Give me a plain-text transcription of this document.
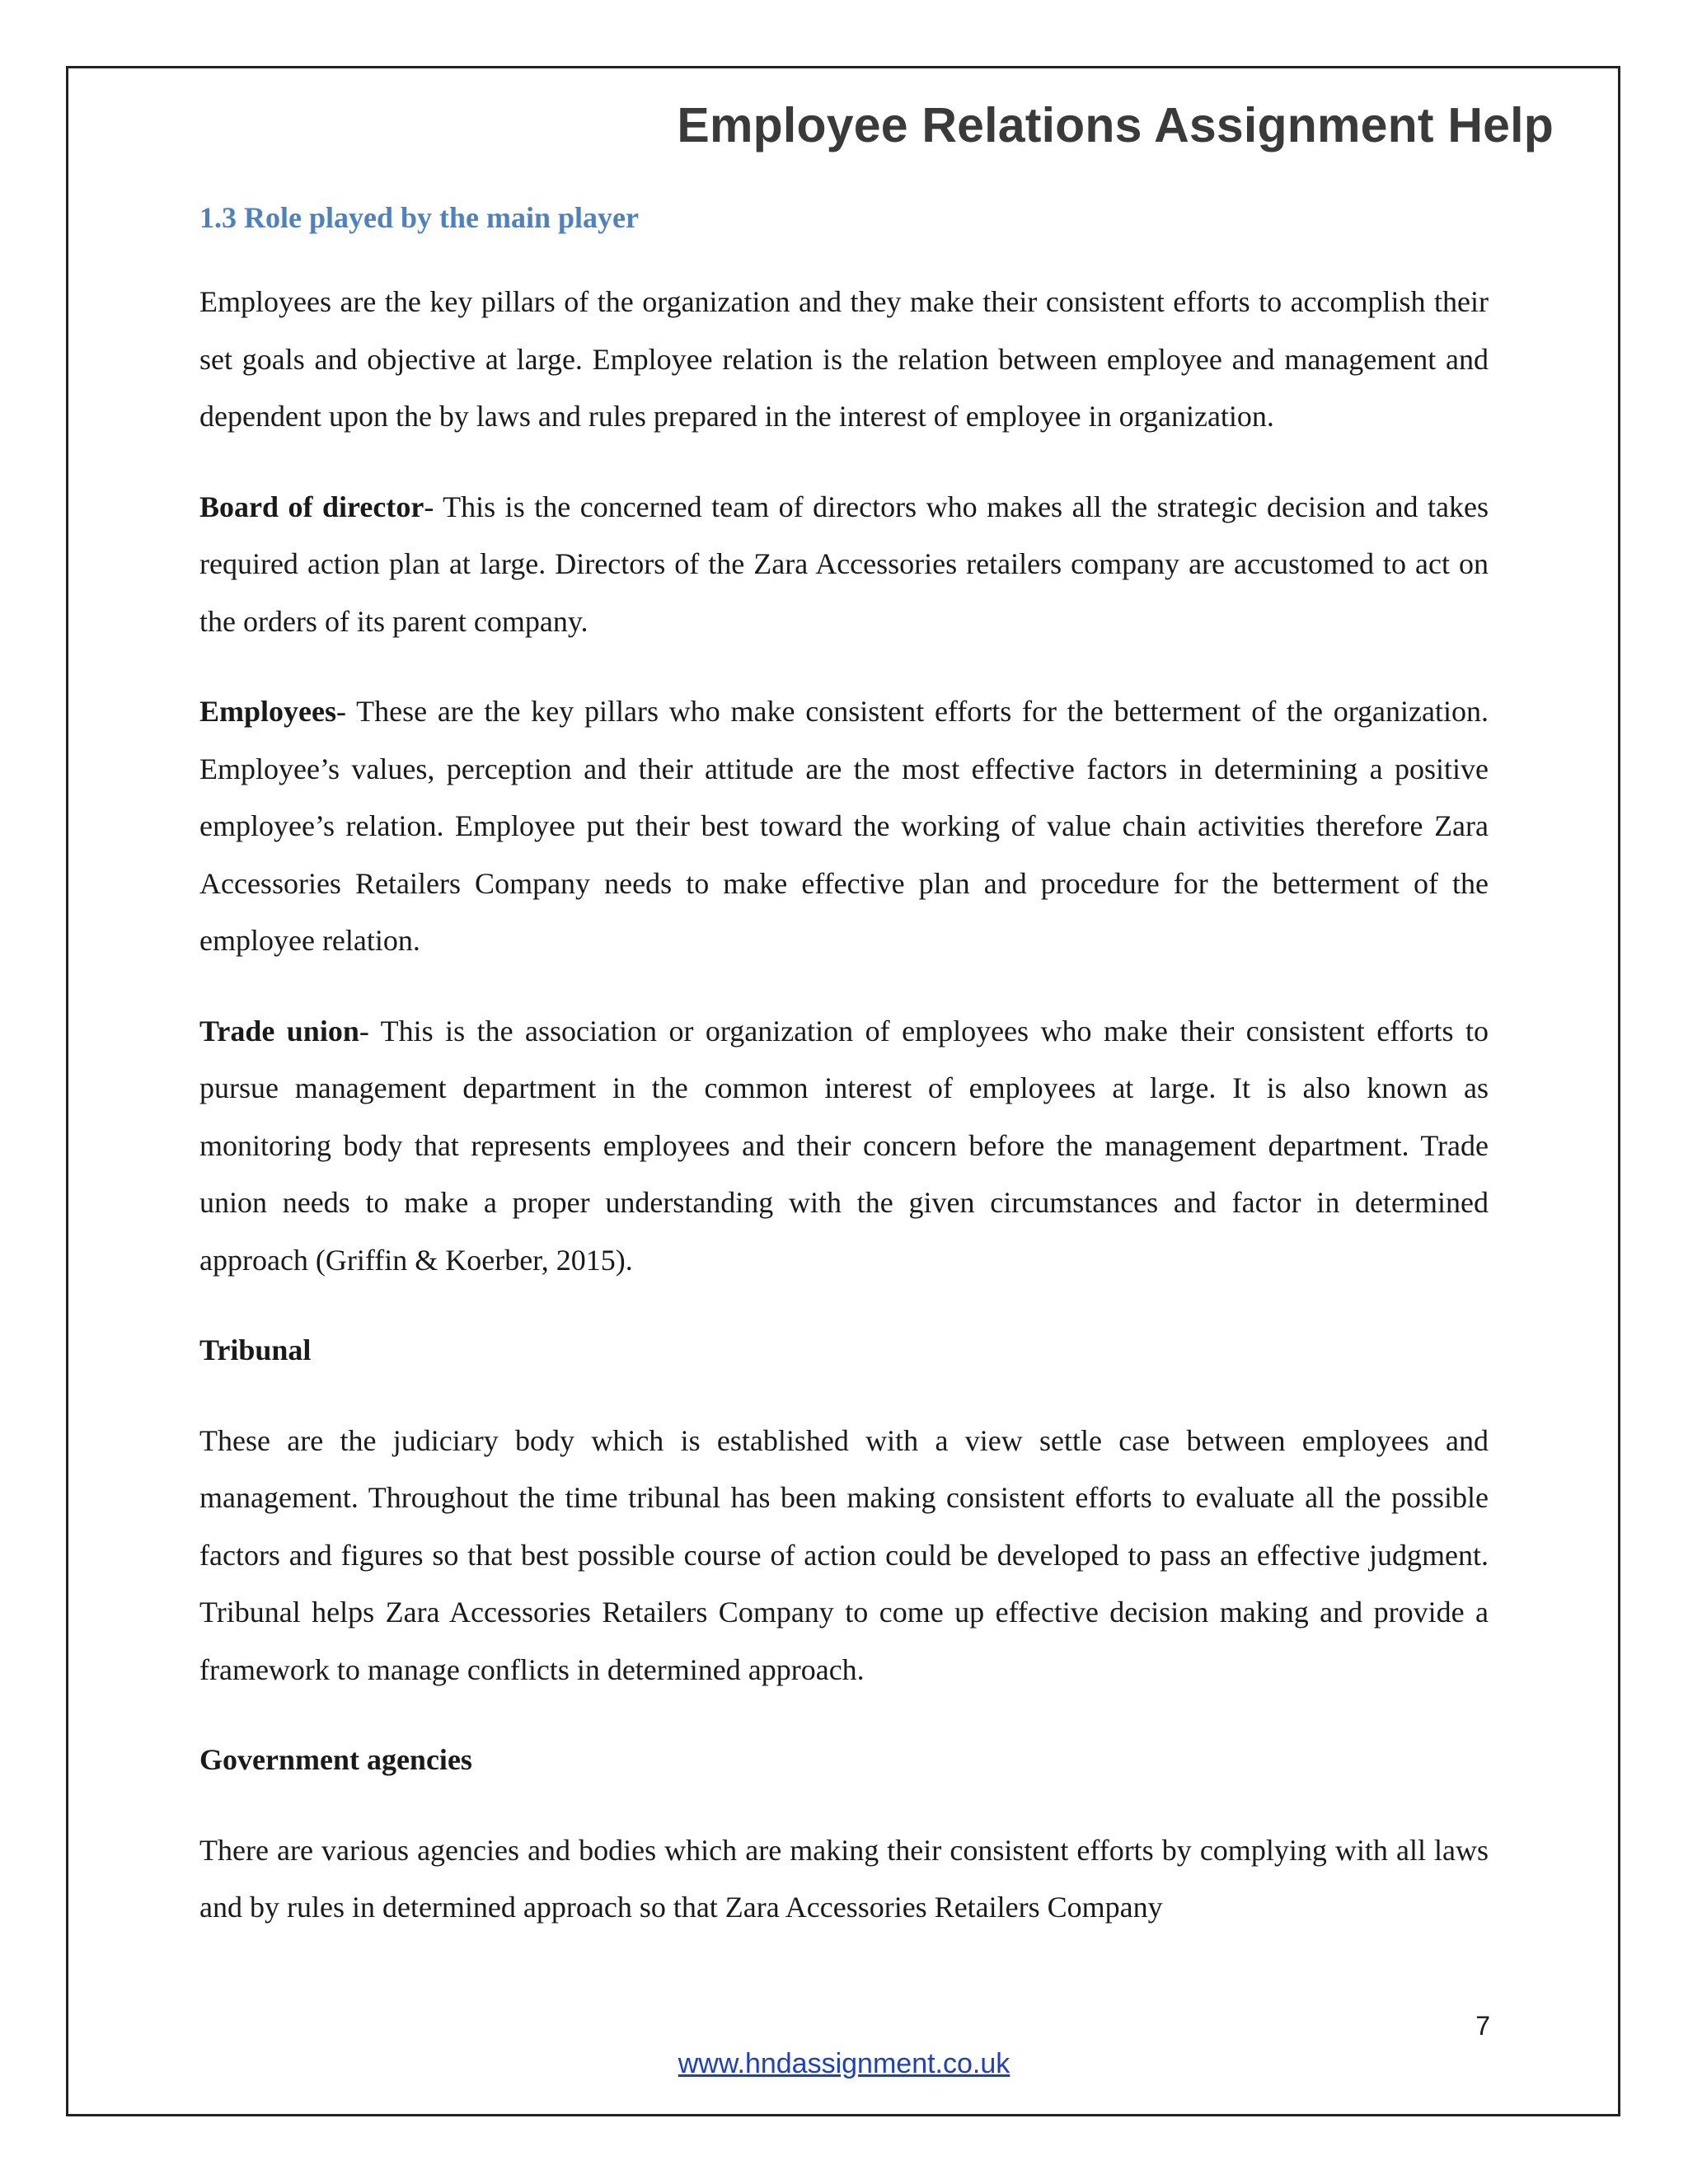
Employee Relations Assignment Help
1.3 Role played by the main player

Employees are the key pillars of the organization and they make their consistent efforts to accomplish their set goals and objective at large. Employee relation is the relation between employee and management and dependent upon the by laws and rules prepared in the interest of employee in organization.

Board of director- This is the concerned team of directors who makes all the strategic decision and takes required action plan at large. Directors of the Zara Accessories retailers company are accustomed to act on the orders of its parent company.

Employees- These are the key pillars who make consistent efforts for the betterment of the organization. Employee’s values, perception and their attitude are the most effective factors in determining a positive employee’s relation. Employee put their best toward the working of value chain activities therefore Zara Accessories Retailers Company needs to make effective plan and procedure for the betterment of the employee relation.

Trade union- This is the association or organization of employees who make their consistent efforts to pursue management department in the common interest of employees at large. It is also known as monitoring body that represents employees and their concern before the management department. Trade union needs to make a proper understanding with the given circumstances and factor in determined approach (Griffin & Koerber, 2015).

Tribunal

These are the judiciary body which is established with a view settle case between employees and management. Throughout the time tribunal has been making consistent efforts to evaluate all the possible factors and figures so that best possible course of action could be developed to pass an effective judgment. Tribunal helps Zara Accessories Retailers Company to come up effective decision making and provide a framework to manage conflicts in determined approach.

Government agencies

There are various agencies and bodies which are making their consistent efforts by complying with all laws and by rules in determined approach so that Zara Accessories Retailers Company

7
www.hndassignment.co.uk
